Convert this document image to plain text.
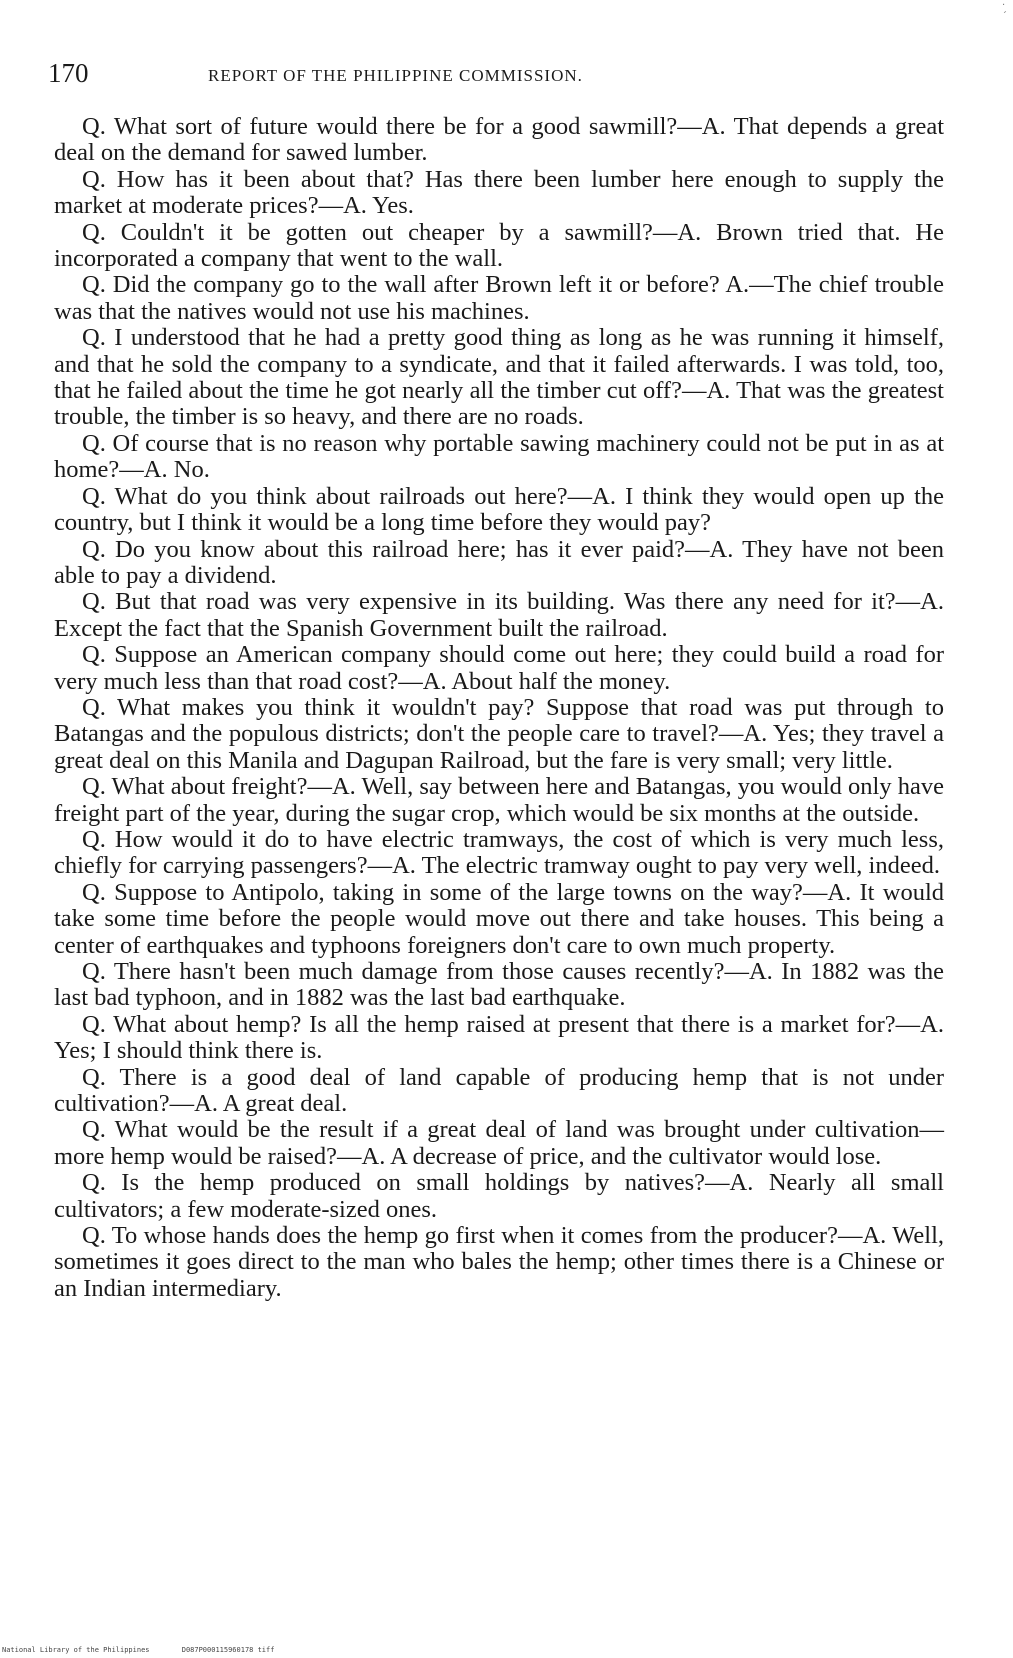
·
ˊ
170	REPORT OF THE PHILIPPINE COMMISSION.

Q. What sort of future would there be for a good sawmill?—A. That depends a great deal on the demand for sawed lumber.

Q. How has it been about that? Has there been lumber here enough to supply the market at moderate prices?—A. Yes.

Q. Couldn't it be gotten out cheaper by a sawmill?—A. Brown tried that. He incorporated a company that went to the wall.

Q. Did the company go to the wall after Brown left it or before? A.—The chief trouble was that the natives would not use his machines.

Q. I understood that he had a pretty good thing as long as he was running it himself, and that he sold the company to a syndicate, and that it failed afterwards. I was told, too, that he failed about the time he got nearly all the timber cut off?—A. That was the greatest trouble, the timber is so heavy, and there are no roads.

Q. Of course that is no reason why portable sawing machinery could not be put in as at home?—A. No.

Q. What do you think about railroads out here?—A. I think they would open up the country, but I think it would be a long time before they would pay?

Q. Do you know about this railroad here; has it ever paid?—A. They have not been able to pay a dividend.

Q. But that road was very expensive in its building. Was there any need for it?—A. Except the fact that the Spanish Government built the railroad.

Q. Suppose an American company should come out here; they could build a road for very much less than that road cost?—A. About half the money.

Q. What makes you think it wouldn't pay? Suppose that road was put through to Batangas and the populous districts; don't the people care to travel?—A. Yes; they travel a great deal on this Manila and Dagupan Railroad, but the fare is very small; very little.

Q. What about freight?—A. Well, say between here and Batangas, you would only have freight part of the year, during the sugar crop, which would be six months at the outside.

Q. How would it do to have electric tramways, the cost of which is very much less, chiefly for carrying passengers?—A. The electric tramway ought to pay very well, indeed.

Q. Suppose to Antipolo, taking in some of the large towns on the way?—A. It would take some time before the people would move out there and take houses. This being a center of earthquakes and typhoons foreigners don't care to own much property.

Q. There hasn't been much damage from those causes recently?—A. In 1882 was the last bad typhoon, and in 1882 was the last bad earthquake.

Q. What about hemp? Is all the hemp raised at present that there is a market for?—A. Yes; I should think there is.

Q. There is a good deal of land capable of producing hemp that is not under cultivation?—A. A great deal.

Q. What would be the result if a great deal of land was brought under cultivation—more hemp would be raised?—A. A decrease of price, and the cultivator would lose.

Q. Is the hemp produced on small holdings by natives?—A. Nearly all small cultivators; a few moderate-sized ones.

Q. To whose hands does the hemp go first when it comes from the producer?—A. Well, sometimes it goes direct to the man who bales the hemp; other times there is a Chinese or an Indian intermediary.

National Library of the Philippines	D087P000115960178 tiff
